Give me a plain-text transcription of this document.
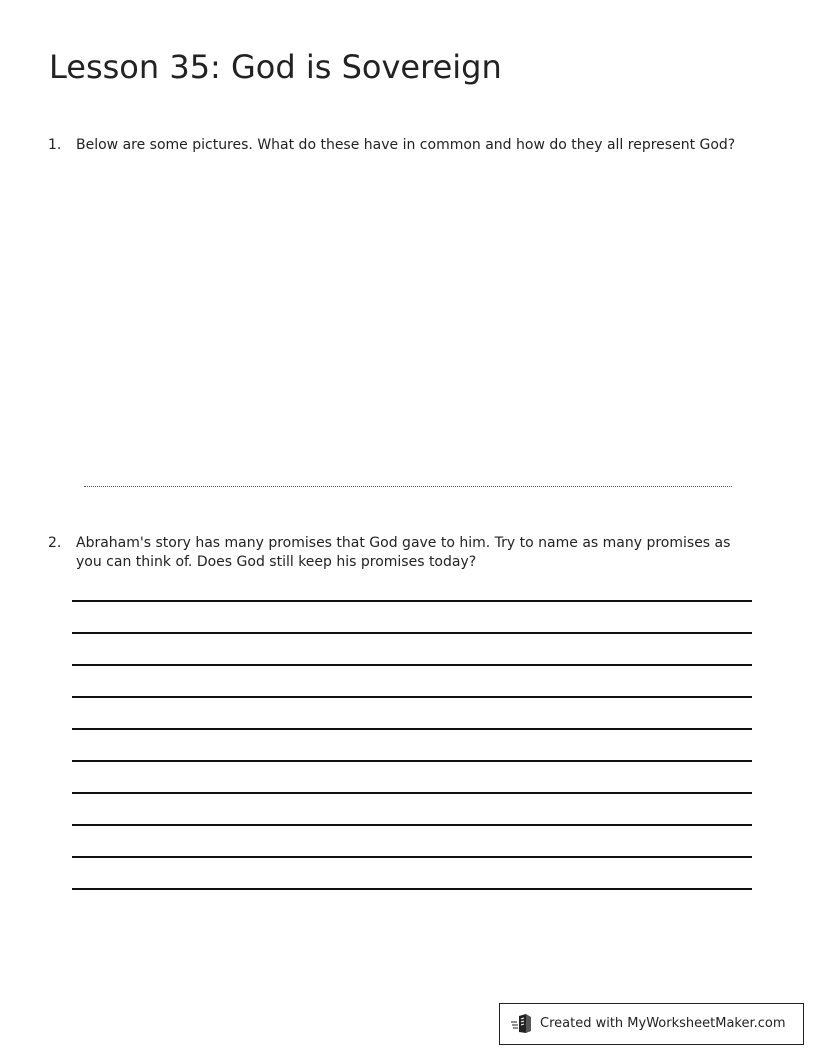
Lesson 35: God is Sovereign
1.	Below are some pictures. What do these have in common and how do they all represent God?
2.	Abraham's story has many promises that God gave to him. Try to name as many promises as you can think of. Does God still keep his promises today?
Created with MyWorksheetMaker.com
